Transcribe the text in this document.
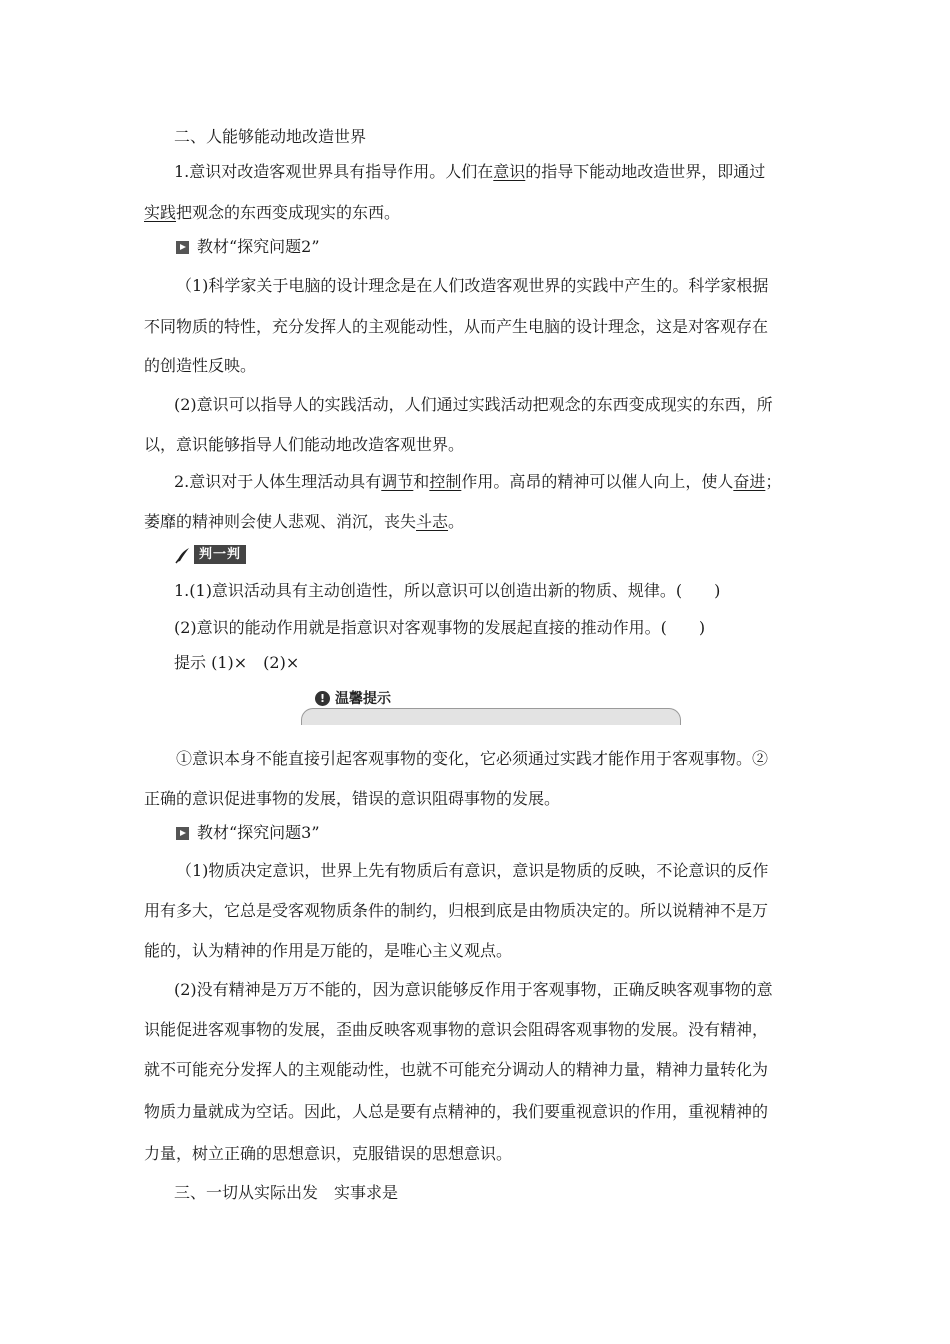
二、人能够能动地改造世界
1.意识对改造客观世界具有指导作用。人们在意识的指导下能动地改造世界，即通过
实践把观念的东西变成现实的东西。
教材“探究问题2”
（1)科学家关于电脑的设计理念是在人们改造客观世界的实践中产生的。科学家根据
不同物质的特性，充分发挥人的主观能动性，从而产生电脑的设计理念，这是对客观存在
的创造性反映。
(2)意识可以指导人的实践活动，人们通过实践活动把观念的东西变成现实的东西，所
以，意识能够指导人们能动地改造客观世界。
2.意识对于人体生理活动具有调节和控制作用。高昂的精神可以催人向上，使人奋进；
萎靡的精神则会使人悲观、消沉，丧失斗志。
判一判
1.(1)意识活动具有主动创造性，所以意识可以创造出新的物质、规律。(　　)
(2)意识的能动作用就是指意识对客观事物的发展起直接的推动作用。(　　)
提示 (1)×　(2)×
! 温馨提示
①意识本身不能直接引起客观事物的变化，它必须通过实践才能作用于客观事物。②
正确的意识促进事物的发展，错误的意识阻碍事物的发展。
教材“探究问题3”
（1)物质决定意识，世界上先有物质后有意识，意识是物质的反映，不论意识的反作
用有多大，它总是受客观物质条件的制约，归根到底是由物质决定的。所以说精神不是万
能的，认为精神的作用是万能的，是唯心主义观点。
(2)没有精神是万万不能的，因为意识能够反作用于客观事物，正确反映客观事物的意
识能促进客观事物的发展，歪曲反映客观事物的意识会阻碍客观事物的发展。没有精神，
就不可能充分发挥人的主观能动性，也就不可能充分调动人的精神力量，精神力量转化为
物质力量就成为空话。因此，人总是要有点精神的，我们要重视意识的作用，重视精神的
力量，树立正确的思想意识，克服错误的思想意识。
三、一切从实际出发　实事求是
